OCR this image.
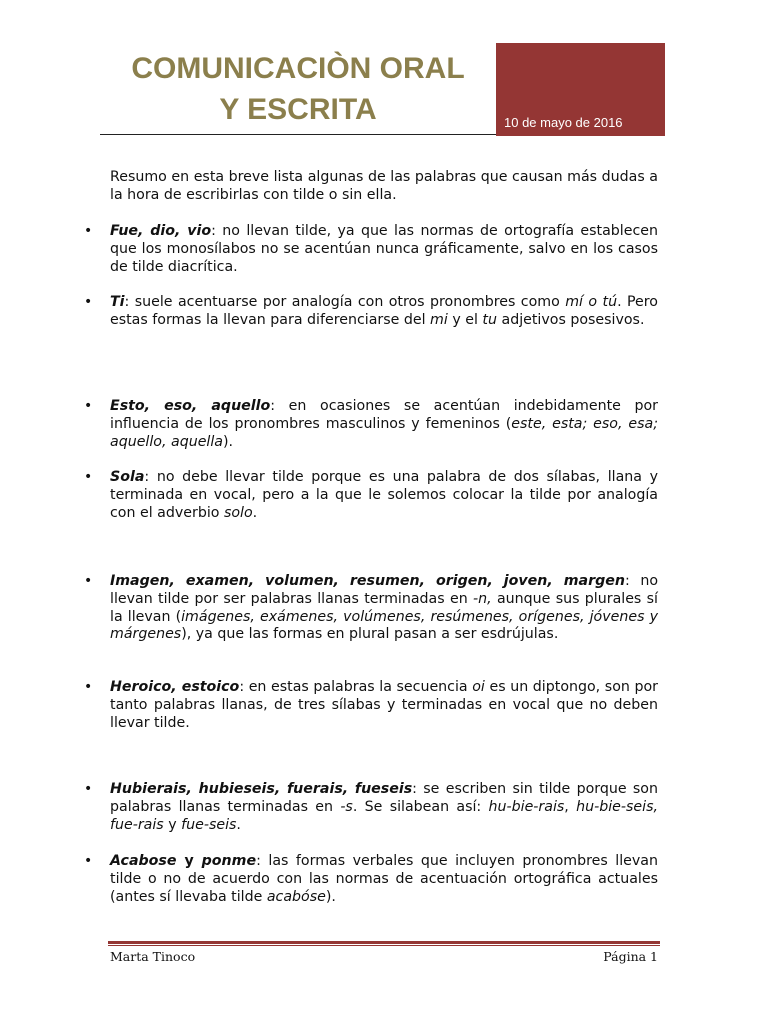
COMUNICACIÒN ORAL
Y ESCRITA	10 de mayo de 2016
Resumo en esta breve lista algunas de las palabras que causan más dudas a la hora de escribirlas con tilde o sin ella.
• Fue, dio, vio: no llevan tilde, ya que las normas de ortografía establecen que los monosílabos no se acentúan nunca gráficamente, salvo en los casos de tilde diacrítica.
• Ti: suele acentuarse por analogía con otros pronombres como mí o tú. Pero estas formas la llevan para diferenciarse del mi y el tu adjetivos posesivos.
• Esto, eso, aquello: en ocasiones se acentúan indebidamente por influencia de los pronombres masculinos y femeninos (este, esta; eso, esa; aquello, aquella).
• Sola: no debe llevar tilde porque es una palabra de dos sílabas, llana y terminada en vocal, pero a la que le solemos colocar la tilde por analogía con el adverbio solo.
• Imagen, examen, volumen, resumen, origen, joven, margen: no llevan tilde por ser palabras llanas terminadas en -n, aunque sus plurales sí la llevan (imágenes, exámenes, volúmenes, resúmenes, orígenes, jóvenes y márgenes), ya que las formas en plural pasan a ser esdrújulas.
• Heroico, estoico: en estas palabras la secuencia oi es un diptongo, son por tanto palabras llanas, de tres sílabas y terminadas en vocal que no deben llevar tilde.
• Hubierais, hubieseis, fuerais, fueseis: se escriben sin tilde porque son palabras llanas terminadas en -s. Se silabean así: hu-bie-rais, hu-bie-seis, fue-rais y fue-seis.
• Acabose y ponme: las formas verbales que incluyen pronombres llevan tilde o no de acuerdo con las normas de acentuación ortográfica actuales (antes sí llevaba tilde acabóse).
Marta Tinoco	Página 1
